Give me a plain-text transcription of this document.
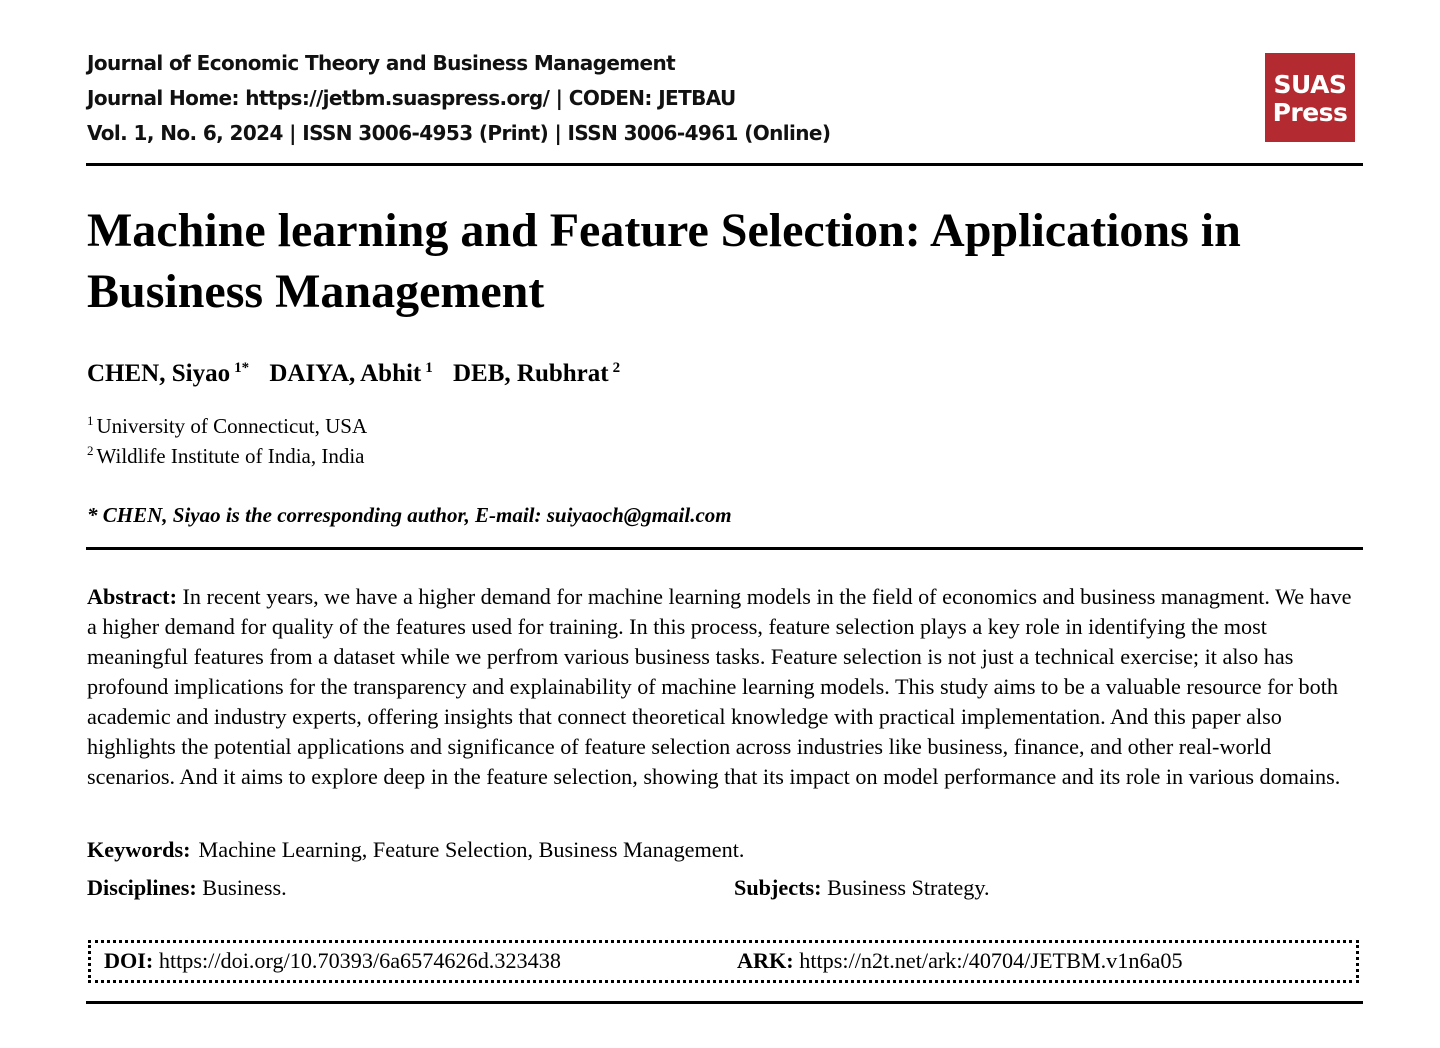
Journal of Economic Theory and Business Management
Journal Home: https://jetbm.suaspress.org/ | CODEN: JETBAU
Vol. 1, No. 6, 2024 | ISSN 3006-4953 (Print) | ISSN 3006-4961 (Online)
SUAS
Press
Machine learning and Feature Selection: Applications in Business Management
CHEN, Siyao $^{1*}$ DAIYA, Abhit $^1$ DEB, Rubhrat $^2$
$^1$ University of Connecticut, USA
$^2$ Wildlife Institute of India, India
* CHEN, Siyao is the corresponding author, E-mail: suiyaoch@gmail.com

Abstract: In recent years, we have a higher demand for machine learning models in the field of economics and business managment. We have a higher demand for quality of the features used for training. In this process, feature selection plays a key role in identifying the most meaningful features from a dataset while we perfrom various business tasks. Feature selection is not just a technical exercise; it also has profound implications for the transparency and explainability of machine learning models. This study aims to be a valuable resource for both academic and industry experts, offering insights that connect theoretical knowledge with practical implementation. And this paper also highlights the potential applications and significance of feature selection across industries like business, finance, and other real-world scenarios. And it aims to explore deep in the feature selection, showing that its impact on model performance and its role in various domains.

Keywords: Machine Learning, Feature Selection, Business Management.
Disciplines: Business.	Subjects: Business Strategy.
DOI: https://doi.org/10.70393/6a6574626d.323438	ARK: https://n2t.net/ark:/40704/JETBM.v1n6a05
